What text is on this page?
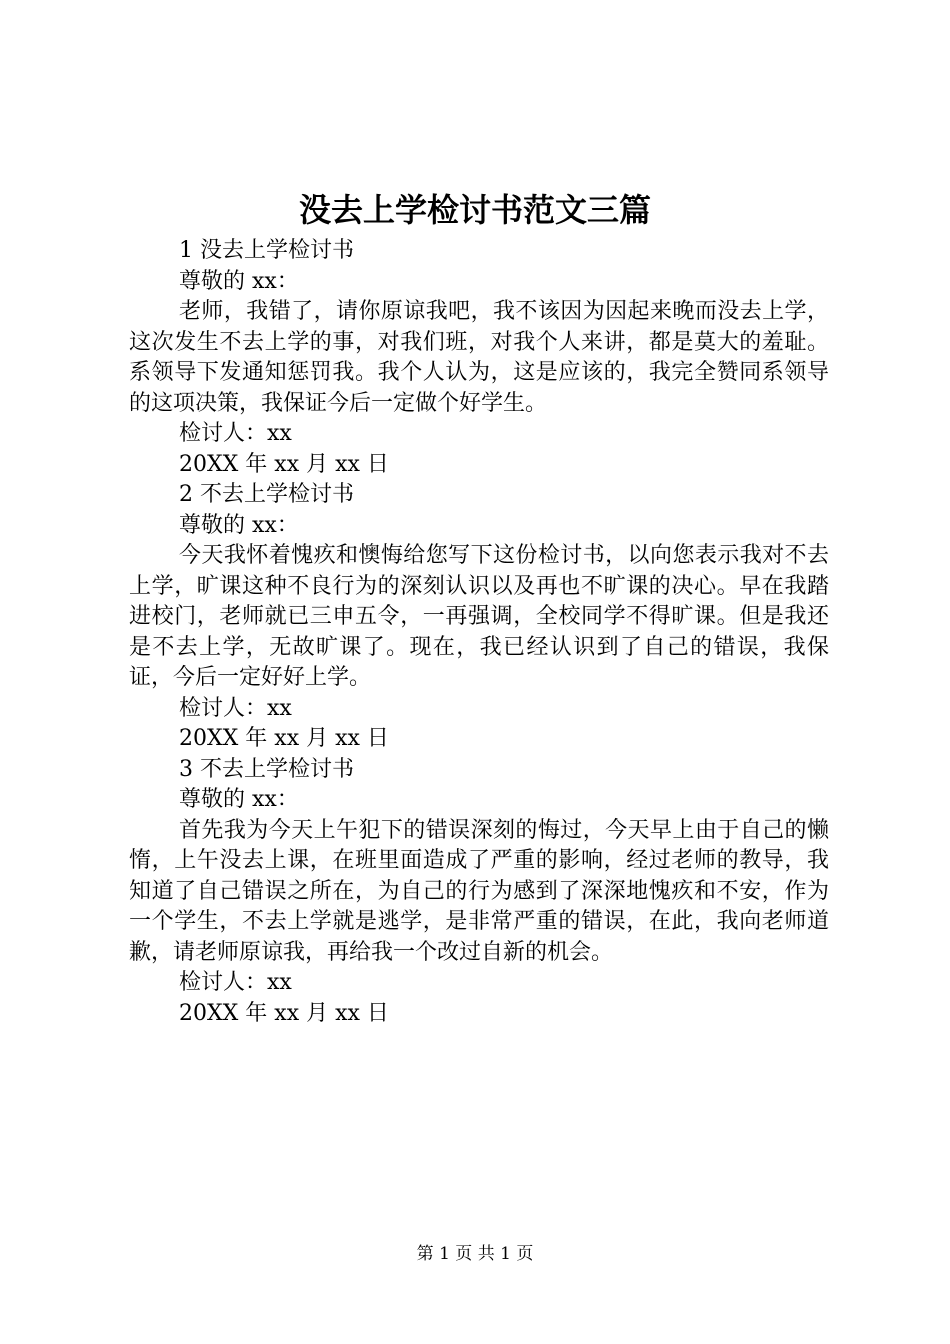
没去上学检讨书范文三篇
1 没去上学检讨书
尊敬的 xx：
老师，我错了，请你原谅我吧，我不该因为因起来晚而没去上学，这次发生不去上学的事，对我们班，对我个人来讲，都是莫大的羞耻。系领导下发通知惩罚我。我个人认为，这是应该的，我完全赞同系领导的这项决策，我保证今后一定做个好学生。
检讨人：xx
20XX 年 xx 月 xx 日
2 不去上学检讨书
尊敬的 xx：
今天我怀着愧疚和懊悔给您写下这份检讨书，以向您表示我对不去上学，旷课这种不良行为的深刻认识以及再也不旷课的决心。早在我踏进校门，老师就已三申五令，一再强调，全校同学不得旷课。但是我还是不去上学，无故旷课了。现在，我已经认识到了自己的错误，我保证，今后一定好好上学。
检讨人：xx
20XX 年 xx 月 xx 日
3 不去上学检讨书
尊敬的 xx：
首先我为今天上午犯下的错误深刻的悔过，今天早上由于自己的懒惰，上午没去上课，在班里面造成了严重的影响，经过老师的教导，我知道了自己错误之所在，为自己的行为感到了深深地愧疚和不安，作为一个学生，不去上学就是逃学，是非常严重的错误，在此，我向老师道歉，请老师原谅我，再给我一个改过自新的机会。
检讨人：xx
20XX 年 xx 月 xx 日
第 1 页 共 1 页
